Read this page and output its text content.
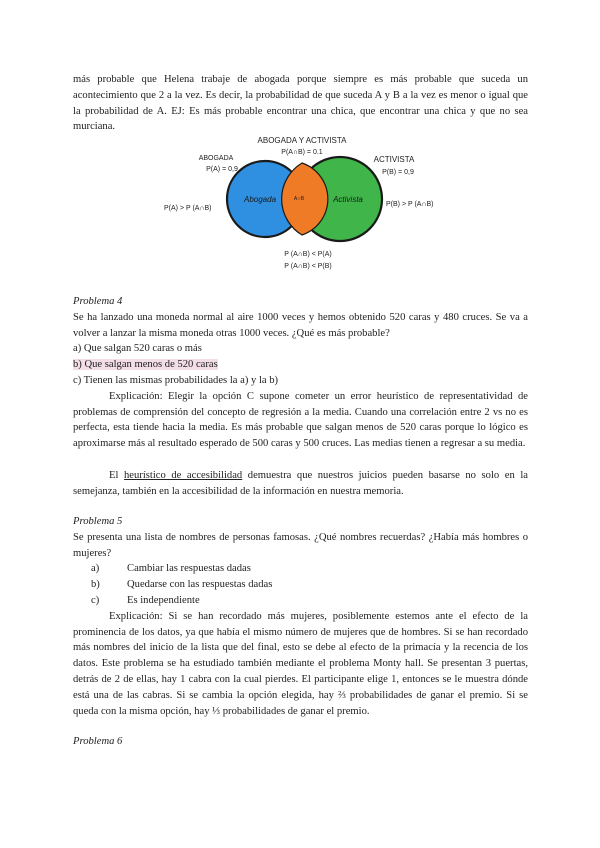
más probable que Helena trabaje de abogada porque siempre es más probable que suceda un acontecimiento que 2 a la vez. Es decir, la probabilidad de que suceda A y B a la vez es menor o igual que la probabilidad de A. EJ: Es más probable encontrar una chica, que encontrar una chica y que no sea murciana.

ABOGADA Y ACTIVISTA
P(A∩B) = 0.1
ABOGADA
P(A) = 0,9
ACTIVISTA
P(B) = 0,9
P(A) > P (A∩B)
P(B) > P (A∩B)
Abogada	Activista
A∩B
P (A∩B) < P(A)
P (A∩B) < P(B)

Problema 4

Se ha lanzado una moneda normal al aire 1000 veces y hemos obtenido 520 caras y 480 cruces. Se va a volver a lanzar la misma moneda otras 1000 veces. ¿Qué es más probable?

a) Que salgan 520 caras o más

b) Que salgan menos de 520 caras

c) Tienen las mismas probabilidades la a) y la b)

Explicación: Elegir la opción C supone cometer un error heurístico de representatividad de problemas de comprensión del concepto de regresión a la media. Cuando una correlación entre 2 vs no es perfecta, esta tiende hacia la media. Es más probable que salgan menos de 520 caras porque lo lógico es aproximarse más al resultado esperado de 500 caras y 500 cruces. Las medias tienen a regresar a su media.

El heurístico de accesibilidad demuestra que nuestros juicios pueden basarse no solo en la semejanza, también en la accesibilidad de la información en nuestra memoria.

Problema 5

Se presenta una lista de nombres de personas famosas. ¿Qué nombres recuerdas? ¿Había más hombres o mujeres?

a)	Cambiar las respuestas dadas
b)	Quedarse con las respuestas dadas
c)	Es independiente

Explicación: Si se han recordado más mujeres, posiblemente estemos ante el efecto de la prominencia de los datos, ya que había el mismo número de mujeres que de hombres. Si se han recordado más nombres del inicio de la lista que del final, esto se debe al efecto de la primacía y la recencia de los datos. Este problema se ha estudiado también mediante el problema Monty hall. Se presentan 3 puertas, detrás de 2 de ellas, hay 1 cabra con la cual pierdes. El participante elige 1, entonces se le muestra dónde está una de las cabras. Si se cambia la opción elegida, hay ⅔ probabilidades de ganar el premio. Si se queda con la misma opción, hay ⅓ probabilidades de ganar el premio.

Problema 6
